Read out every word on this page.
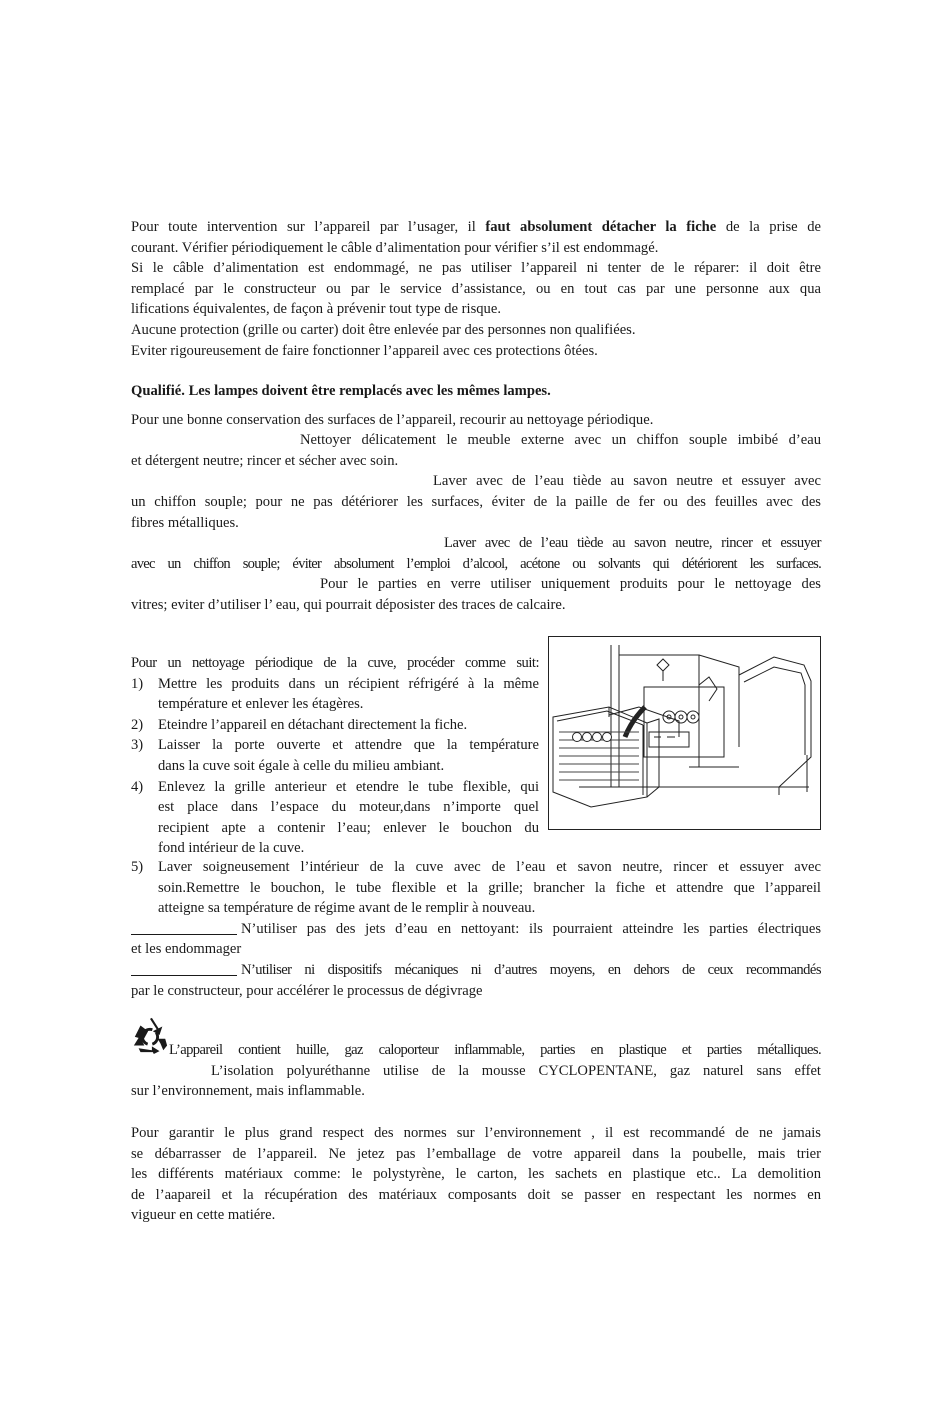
Pour toute intervention sur l’appareil par l’usager, il faut absolument détacher la fiche de la prise de
courant. Vérifier périodiquement le câble d’alimentation pour vérifier s’il est endommagé.
Si le câble d’alimentation est endommagé, ne pas utiliser l’appareil ni tenter de le réparer: il doit être
remplacé par le constructeur ou par le service d’assistance, ou en tout cas par une personne aux qua
lifications équivalentes, de façon à prévenir tout type de risque.
Aucune protection (grille ou carter) doit être enlevée par des personnes non qualifiées.
Eviter rigoureusement de faire fonctionner l’appareil avec ces protections ôtées.
Qualifié. Les lampes doivent être remplacés avec les mêmes lampes.
Pour une bonne conservation des surfaces de l’appareil, recourir au nettoyage périodique.
Nettoyer délicatement le meuble externe avec un chiffon souple imbibé d’eau
et détergent neutre; rincer et sécher avec soin.
Laver avec de l’eau tiède au savon neutre et essuyer avec
un chiffon souple; pour ne pas détériorer les surfaces, éviter de la paille de fer ou des feuilles avec des
fibres métalliques.
Laver avec de l’eau tiède au savon neutre, rincer et essuyer
avec un chiffon souple; éviter absolument l’emploi d’alcool, acétone ou solvants qui détériorent les surfaces.
Pour le parties en verre utiliser uniquement produits pour le nettoyage des
vitres; eviter d’utiliser l’ eau, qui pourrait déposister des traces de calcaire.
Pour un nettoyage périodique de la cuve, procéder comme suit:
1) Mettre les produits dans un récipient réfrigéré à la même
température et enlever les étagères.
2) Eteindre l’appareil en détachant directement la fiche.
3) Laisser la porte ouverte et attendre que la température
dans la cuve soit égale à celle du milieu ambiant.
4) Enlevez la grille anterieur et etendre le tube flexible, qui
est place dans l’espace du moteur,dans n’importe quel
recipient apte a contenir l’eau; enlever le bouchon du
fond intérieur de la cuve.
5) Laver soigneusement l’intérieur de la cuve avec de l’eau et savon neutre, rincer et essuyer avec
soin.Remettre le bouchon, le tube flexible et la grille; brancher la fiche et attendre que l’appareil
atteigne sa température de régime avant de le remplir à nouveau.
N’utiliser pas des jets d’eau en nettoyant: ils pourraient atteindre les parties électriques
et les endommager
N’utiliser ni dispositifs mécaniques ni d’autres moyens, en dehors de ceux recommandés
par le constructeur, pour accélérer le processus de dégivrage
L’appareil contient huille, gaz caloporteur inflammable, parties en plastique et parties métalliques.
L’isolation polyuréthanne utilise de la mousse CYCLOPENTANE, gaz naturel sans effet
sur l’environnement, mais inflammable.
Pour garantir le plus grand respect des normes sur l’environnement , il est recommandé de ne jamais
se débarrasser de l’appareil. Ne jetez pas l’emballage de votre appareil dans la poubelle, mais trier
les différents matériaux comme: le polystyrène, le carton, les sachets en plastique etc.. La demolition
de l’aapareil et la récupération des matériaux composants doit se passer en respectant les normes en
vigueur en cette matiére.
